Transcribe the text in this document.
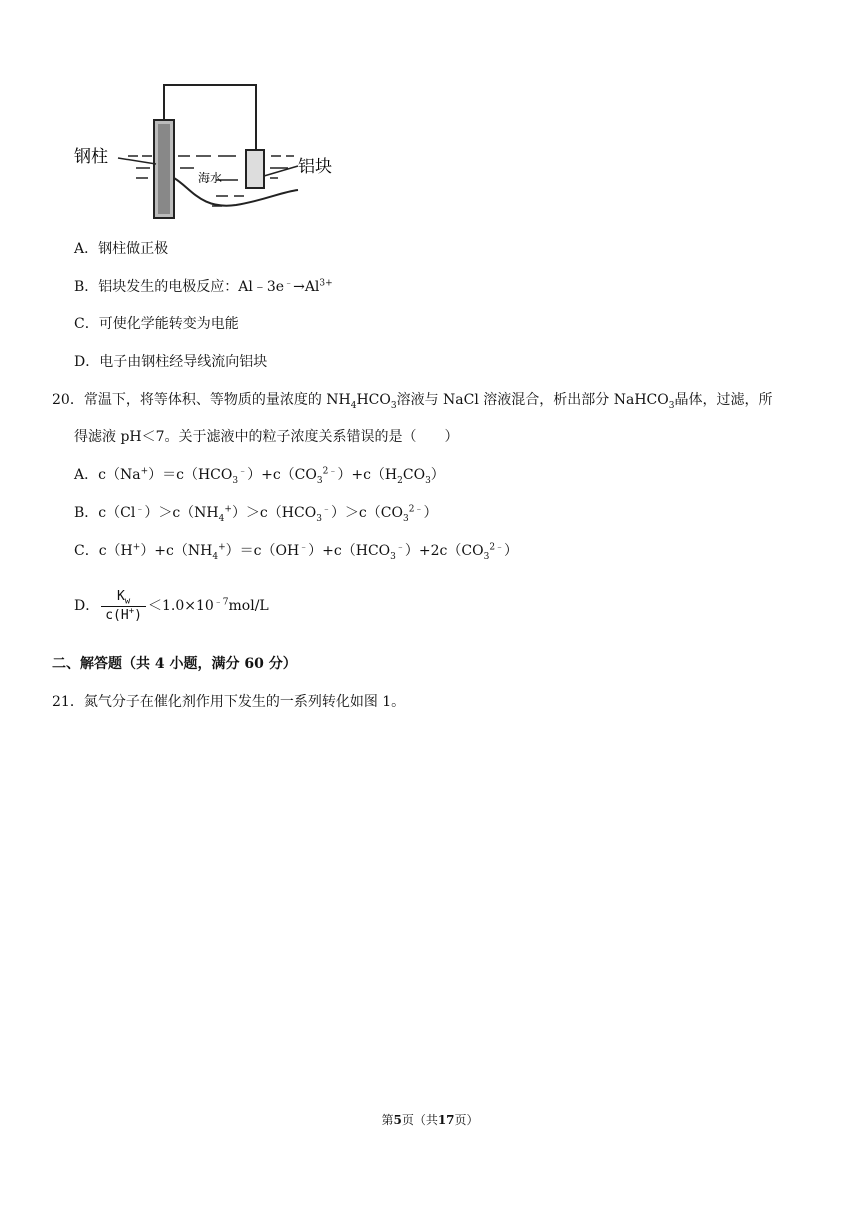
钢柱	铝块
海水
A．钢柱做正极
B．铝块发生的电极反应：$Al﹣3e^﹣\to Al^{3+}$
C．可使化学能转变为电能
D．电子由钢柱经导线流向铝块
20．常温下，将等体积、等物质的量浓度的 $NH_4HCO_3$溶液与 NaCl 溶液混合，析出部分 NaHCO$_3$晶体，过滤，所
得滤液 pH＜7。关于滤液中的粒子浓度关系错误的是（　　）
A．$c(Na^+)=c(HCO_3^﹣)+c(CO_3^{2﹣})+c(H_2CO_3)$
B．$c(Cl^﹣)>c(NH_4^+)>c(HCO_3^﹣)>c(CO_3^{2﹣})$
C．$c(H^+)+c(NH_4^+)=c(OH^﹣)+c(HCO_3^﹣)+2c(CO_3^{2﹣})$
D． $\frac{K_w}{c(H^+)} <1.0\times 10^{﹣7}mol/L$
二、解答题（共 4 小题，满分 60 分）
21．氮气分子在催化剂作用下发生的一系列转化如图 1。
第5页（共17页）
